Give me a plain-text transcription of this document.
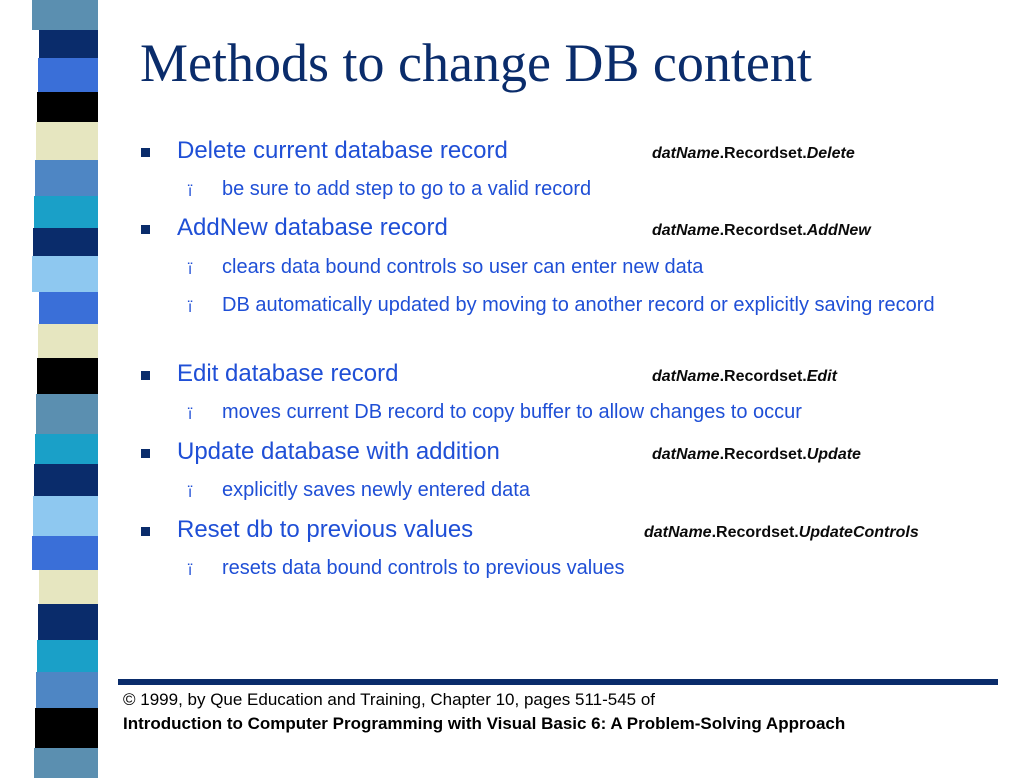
Methods to change DB content
Delete current database record	datName.Recordset.Delete
ï be sure to add step to go to a valid record
AddNew database record	datName.Recordset.AddNew
ï clears data bound controls so user can enter new data
ï DB automatically updated by moving to another record or explicitly saving record
Edit database record	datName.Recordset.Edit
ï moves current DB record to copy buffer to allow changes to occur
Update database with addition	datName.Recordset.Update
ï explicitly saves newly entered data
Reset db to previous values	datName.Recordset.UpdateControls
ï resets data bound controls to previous values
© 1999, by Que Education and Training, Chapter 10, pages 511-545 of
Introduction to Computer Programming with Visual Basic 6: A Problem-Solving Approach
